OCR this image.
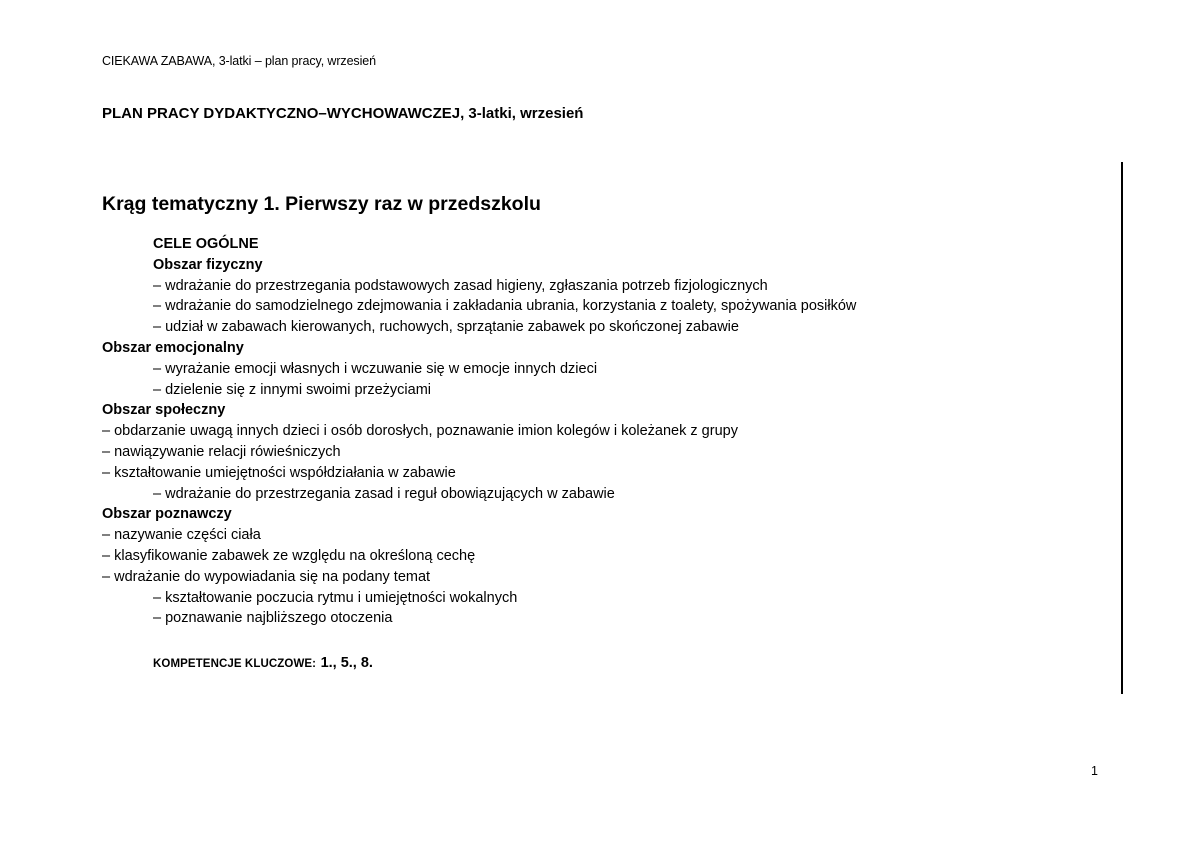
CIEKAWA ZABAWA, 3-latki – plan pracy, wrzesień
PLAN PRACY DYDAKTYCZNO–WYCHOWAWCZEJ, 3-latki, wrzesień
Krąg tematyczny 1. Pierwszy raz w przedszkolu
CELE OGÓLNE
Obszar fizyczny
– wdrażanie do przestrzegania podstawowych zasad higieny, zgłaszania potrzeb fizjologicznych
– wdrażanie do samodzielnego zdejmowania i zakładania ubrania, korzystania z toalety, spożywania posiłków
– udział w zabawach kierowanych, ruchowych, sprzątanie zabawek po skończonej zabawie
Obszar emocjonalny
– wyrażanie emocji własnych i wczuwanie się w emocje innych dzieci
– dzielenie się z innymi swoimi przeżyciami
Obszar społeczny
– obdarzanie uwagą innych dzieci i osób dorosłych, poznawanie imion kolegów i koleżanek z grupy
– nawiązywanie relacji rówieśniczych
– kształtowanie umiejętności współdziałania w zabawie
– wdrażanie do przestrzegania zasad i reguł obowiązujących w zabawie
Obszar poznawczy
– nazywanie części ciała
– klasyfikowanie zabawek ze względu na określoną cechę
– wdrażanie do wypowiadania się na podany temat
– kształtowanie poczucia rytmu i umiejętności wokalnych
– poznawanie najbliższego otoczenia
KOMPETENCJE KLUCZOWE: 1., 5., 8.
1
